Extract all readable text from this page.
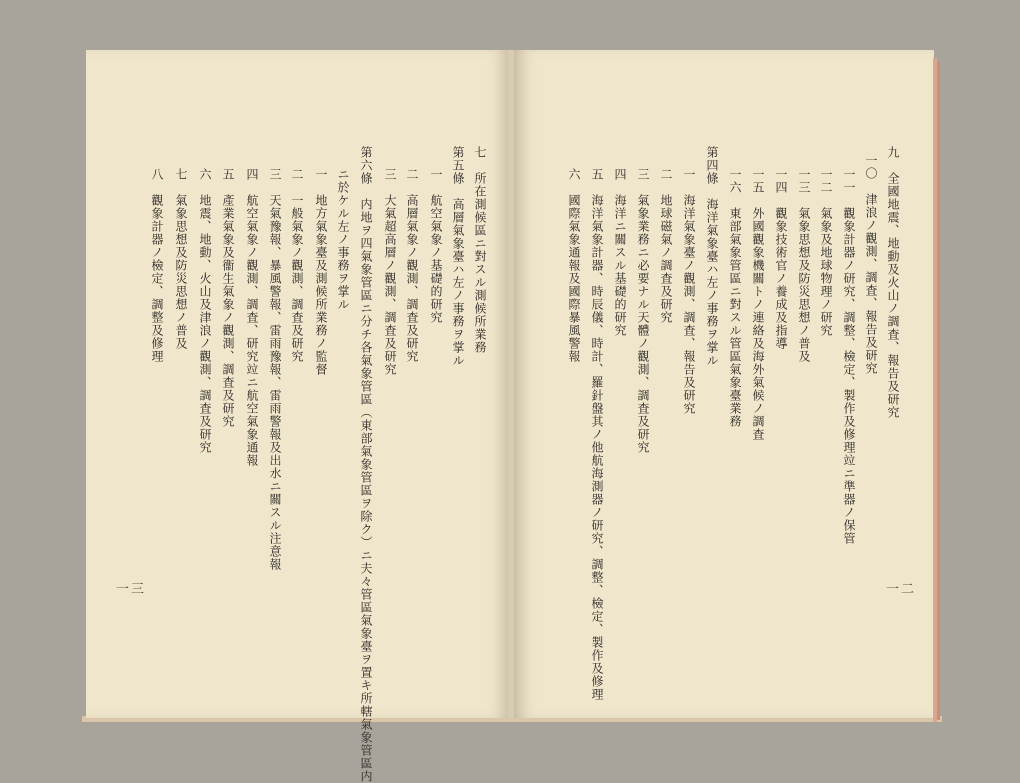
七　所在測候區ニ對スル測候所業務
第五條　高層氣象臺ハ左ノ事務ヲ掌ル
一　航空氣象ノ基礎的研究
二　高層氣象ノ觀測、調査及研究
三　大氣超高層ノ觀測、調査及研究
第六條　内地ヲ四氣象管區ニ分チ各氣象管區（東部氣象管區ヲ除ク）ニ夫々管區氣象臺ヲ置キ所轄氣象管區内
ニ於ケル左ノ事務ヲ掌ル
一　地方氣象臺及測候所業務ノ監督
二　一般氣象ノ觀測、調査及研究
三　天氣豫報、暴風警報、雷雨豫報、雷雨警報及出水ニ關スル注意報
四　航空氣象ノ觀測、調査、研究竝ニ航空氣象通報
五　產業氣象及衞生氣象ノ觀測、調査及研究
六　地震、地動、火山及津浪ノ觀測、調査及研究
七　氣象思想及防災思想ノ普及
八　觀象計器ノ檢定、調整及修理
一三
九　全國地震、地動及火山ノ調査、報告及研究
一〇　津浪ノ觀測、調査、報告及研究
一一　觀象計器ノ研究、調整、檢定、製作及修理竝ニ準器ノ保管
一二　氣象及地球物理ノ研究
一三　氣象思想及防災思想ノ普及
一四　觀象技術官ノ養成及指導
一五　外國觀象機關トノ連絡及海外氣候ノ調査
一六　東部氣象管區ニ對スル管區氣象臺業務
第四條　海洋氣象臺ハ左ノ事務ヲ掌ル
一　海洋氣象臺ノ觀測、調査、報告及研究
二　地球磁氣ノ調査及研究
三　氣象業務ニ必要ナル天體ノ觀測、調査及研究
四　海洋ニ關スル基礎的研究
五　海洋氣象計器、時辰儀、時計、羅針盤其ノ他航海測器ノ研究、調整、檢定、製作及修理
六　國際氣象通報及國際暴風警報
一二
